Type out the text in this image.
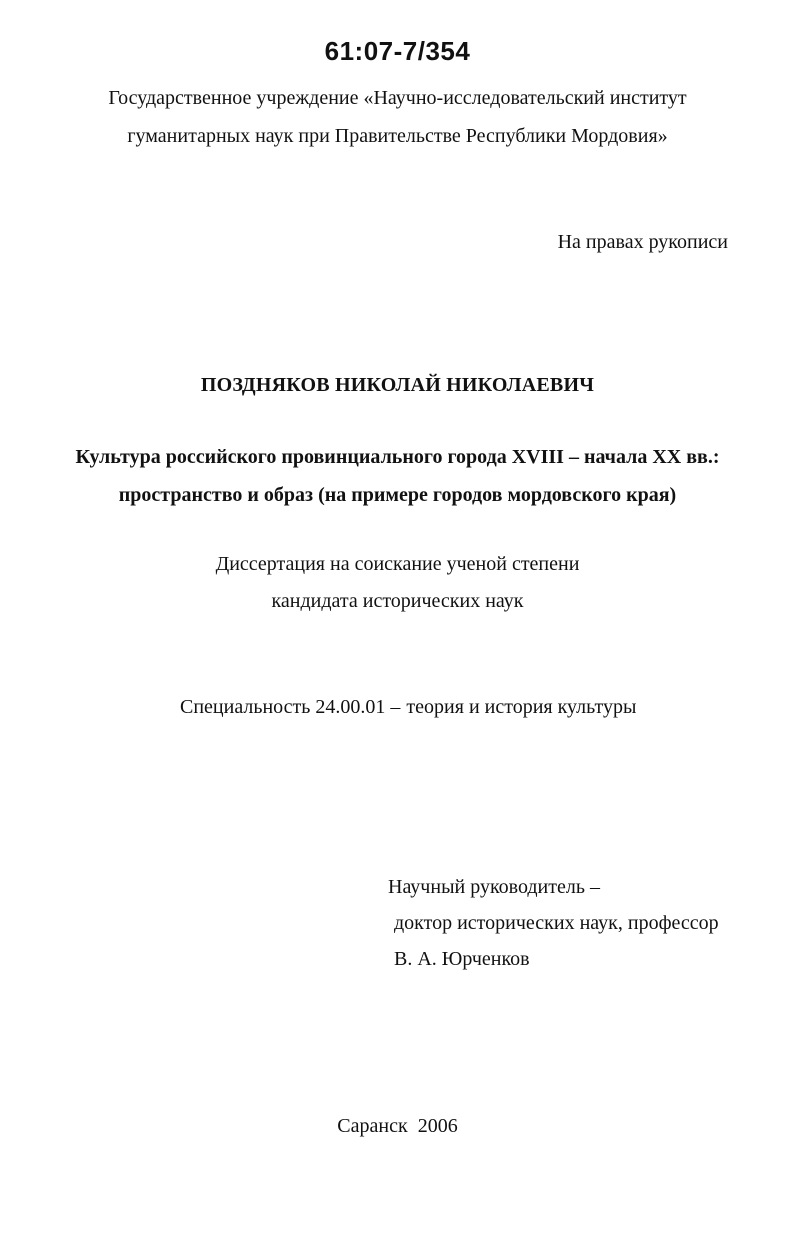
61:07-7/354

Государственное учреждение «Научно-исследовательский институт

гуманитарных наук при Правительстве Республики Мордовия»

На правах рукописи

ПОЗДНЯКОВ НИКОЛАЙ НИКОЛАЕВИЧ

Культура российского провинциального города XVIII – начала XX вв.:

пространство и образ (на примере городов мордовского края)

Диссертация на соискание ученой степени

кандидата исторических наук

Специальность 24.00.01 – теория и история культуры

Научный руководитель –

доктор исторических наук, профессор

В. А. Юрченков

Саранск  2006
